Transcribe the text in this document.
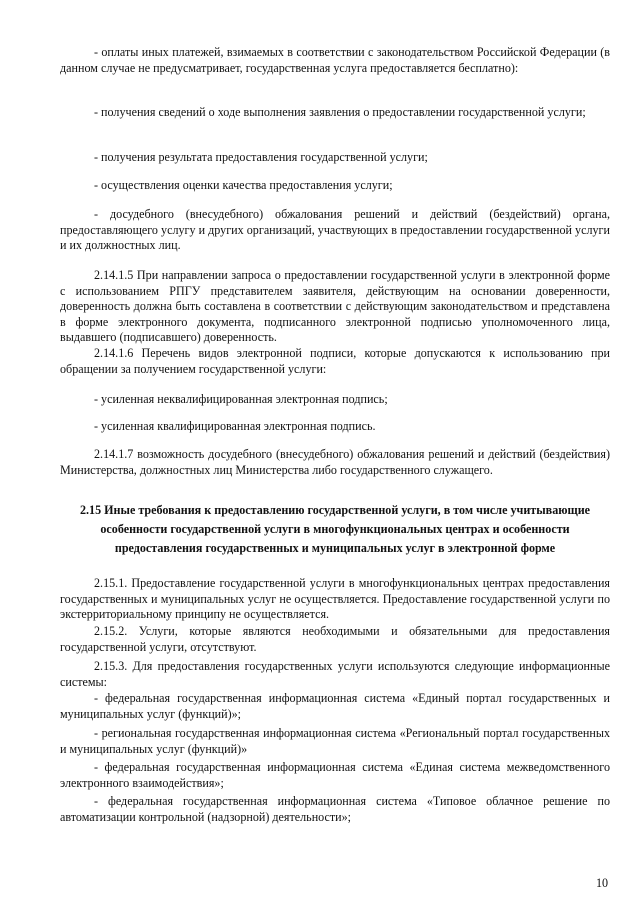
- оплаты иных платежей, взимаемых в соответствии с законодательством Российской Федерации (в данном случае не предусматривает, государственная услуга предоставляется бесплатно):

- получения сведений о ходе выполнения заявления о предоставлении государственной услуги;

- получения результата предоставления государственной услуги;

- осуществления оценки качества предоставления услуги;

- досудебного (внесудебного) обжалования решений и действий (бездействий) органа, предоставляющего услугу и других организаций, участвующих в предоставлении государственной услуги и их должностных лиц.

2.14.1.5 При направлении запроса о предоставлении государственной услуги в электронной форме с использованием РПГУ представителем заявителя, действующим на основании доверенности, доверенность должна быть составлена в соответствии с действующим законодательством и представлена в форме электронного документа, подписанного электронной подписью уполномоченного лица, выдавшего (подписавшего) доверенность.

2.14.1.6 Перечень видов электронной подписи, которые допускаются к использованию при обращении за получением государственной услуги:

- усиленная неквалифицированная электронная подпись;

- усиленная квалифицированная электронная подпись.

2.14.1.7 возможность досудебного (внесудебного) обжалования решений и действий (бездействия) Министерства, должностных лиц Министерства либо государственного служащего.

2.15 Иные требования к предоставлению государственной услуги, в том числе учитывающие особенности государственной услуги в многофункциональных центрах и особенности предоставления государственных и муниципальных услуг в электронной форме

2.15.1. Предоставление государственной услуги в многофункциональных центрах предоставления государственных и муниципальных услуг не осуществляется. Предоставление государственной услуги по экстерриториальному принципу не осуществляется.

2.15.2. Услуги, которые являются необходимыми и обязательными для предоставления государственной услуги, отсутствуют.

2.15.3. Для предоставления государственных услуги используются следующие информационные системы:

- федеральная государственная информационная система «Единый портал государственных и муниципальных услуг (функций)»;

- региональная государственная информационная система «Региональный портал государственных и муниципальных услуг (функций)»

- федеральная государственная информационная система «Единая система межведомственного электронного взаимодействия»;

- федеральная государственная информационная система «Типовое облачное решение по автоматизации контрольной (надзорной) деятельности»;

10
